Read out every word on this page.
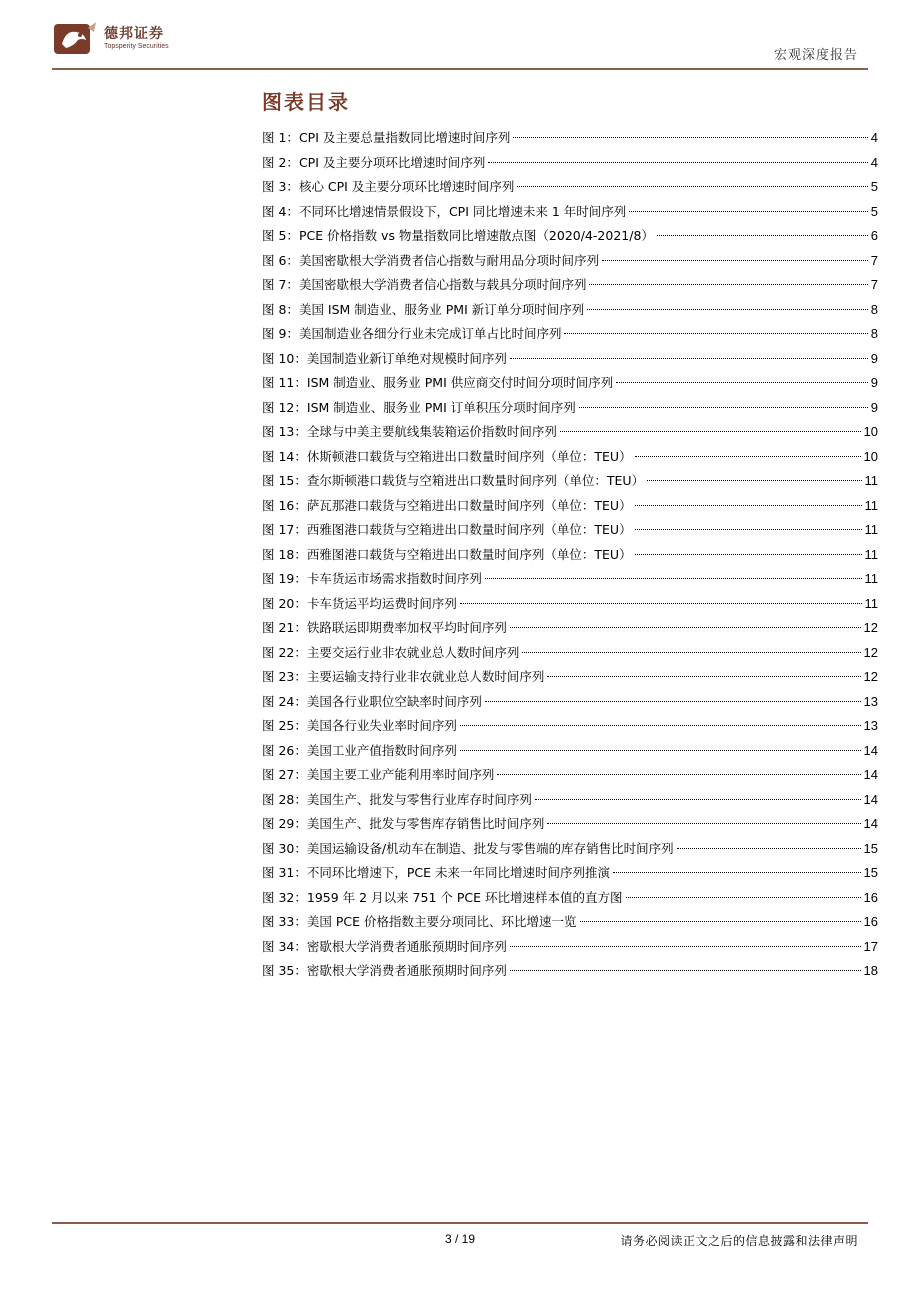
德邦证券
Topsperity Securities
宏观深度报告
图表目录
图 1： CPI 及主要总量指数同比增速时间序列	4
图 2： CPI 及主要分项环比增速时间序列	4
图 3： 核心 CPI 及主要分项环比增速时间序列	5
图 4： 不同环比增速情景假设下，CPI 同比增速未来 1 年时间序列	5
图 5： PCE 价格指数 vs 物量指数同比增速散点图（2020/4-2021/8）	6
图 6： 美国密歇根大学消费者信心指数与耐用品分项时间序列	7
图 7： 美国密歇根大学消费者信心指数与载具分项时间序列	7
图 8： 美国 ISM 制造业、服务业 PMI 新订单分项时间序列	8
图 9： 美国制造业各细分行业未完成订单占比时间序列	8
图 10： 美国制造业新订单绝对规模时间序列	9
图 11： ISM 制造业、服务业 PMI 供应商交付时间分项时间序列	9
图 12： ISM 制造业、服务业 PMI 订单积压分项时间序列	9
图 13： 全球与中美主要航线集装箱运价指数时间序列	10
图 14： 休斯顿港口载货与空箱进出口数量时间序列（单位：TEU）	10
图 15： 查尔斯顿港口载货与空箱进出口数量时间序列（单位：TEU）	11
图 16： 萨瓦那港口载货与空箱进出口数量时间序列（单位：TEU）	11
图 17： 西雅图港口载货与空箱进出口数量时间序列（单位：TEU）	11
图 18： 西雅图港口载货与空箱进出口数量时间序列（单位：TEU）	11
图 19： 卡车货运市场需求指数时间序列	11
图 20： 卡车货运平均运费时间序列	11
图 21： 铁路联运即期费率加权平均时间序列	12
图 22： 主要交运行业非农就业总人数时间序列	12
图 23： 主要运输支持行业非农就业总人数时间序列	12
图 24： 美国各行业职位空缺率时间序列	13
图 25： 美国各行业失业率时间序列	13
图 26： 美国工业产值指数时间序列	14
图 27： 美国主要工业产能利用率时间序列	14
图 28： 美国生产、批发与零售行业库存时间序列	14
图 29： 美国生产、批发与零售库存销售比时间序列	14
图 30： 美国运输设备/机动车在制造、批发与零售端的库存销售比时间序列	15
图 31： 不同环比增速下，PCE 未来一年同比增速时间序列推演	15
图 32： 1959 年 2 月以来 751 个 PCE 环比增速样本值的直方图	16
图 33： 美国 PCE 价格指数主要分项同比、环比增速一览	16
图 34： 密歇根大学消费者通胀预期时间序列	17
图 35： 密歇根大学消费者通胀预期时间序列	18
3 / 19	请务必阅读正文之后的信息披露和法律声明
